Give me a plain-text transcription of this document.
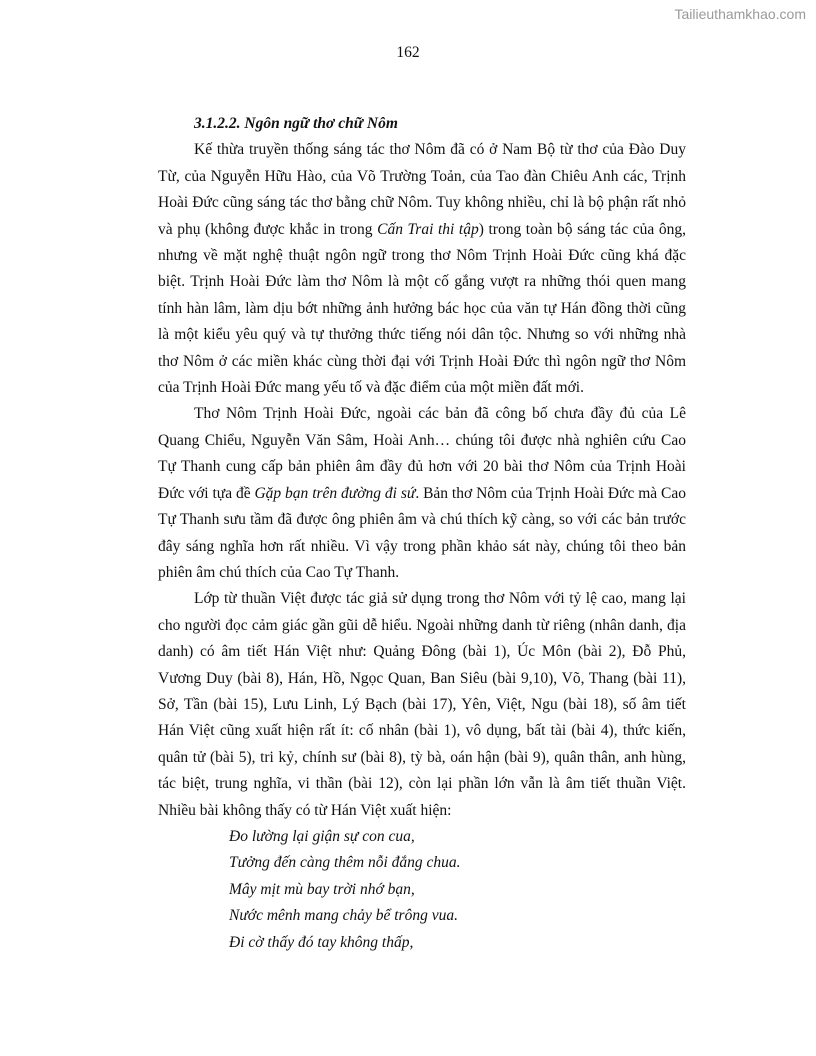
Tailieuthamkhao.com
162

3.1.2.2. Ngôn ngữ thơ chữ Nôm

Kế thừa truyền thống sáng tác thơ Nôm đã có ở Nam Bộ từ thơ của Đào Duy Từ, của Nguyễn Hữu Hào, của Võ Trường Toản, của Tao đàn Chiêu Anh các, Trịnh Hoài Đức cũng sáng tác thơ bằng chữ Nôm. Tuy không nhiều, chỉ là bộ phận rất nhỏ và phụ (không được khắc in trong Cấn Trai thi tập) trong toàn bộ sáng tác của ông, nhưng về mặt nghệ thuật ngôn ngữ trong thơ Nôm Trịnh Hoài Đức cũng khá đặc biệt. Trịnh Hoài Đức làm thơ Nôm là một cố gắng vượt ra những thói quen mang tính hàn lâm, làm dịu bớt những ảnh hưởng bác học của văn tự Hán đồng thời cũng là một kiểu yêu quý và tự thưởng thức tiếng nói dân tộc. Nhưng so với những nhà thơ Nôm ở các miền khác cùng thời đại với Trịnh Hoài Đức thì ngôn ngữ thơ Nôm của Trịnh Hoài Đức mang yếu tố và đặc điểm của một miền đất mới.

Thơ Nôm Trịnh Hoài Đức, ngoài các bản đã công bố chưa đầy đủ của Lê Quang Chiểu, Nguyễn Văn Sâm, Hoài Anh… chúng tôi được nhà nghiên cứu Cao Tự Thanh cung cấp bản phiên âm đầy đủ hơn với 20 bài thơ Nôm của Trịnh Hoài Đức với tựa đề Gặp bạn trên đường đi sứ. Bản thơ Nôm của Trịnh Hoài Đức mà Cao Tự Thanh sưu tầm đã được ông phiên âm và chú thích kỹ càng, so với các bản trước đây sáng nghĩa hơn rất nhiều. Vì vậy trong phần khảo sát này, chúng tôi theo bản phiên âm chú thích của Cao Tự Thanh.

Lớp từ thuần Việt được tác giả sử dụng trong thơ Nôm với tỷ lệ cao, mang lại cho người đọc cảm giác gần gũi dễ hiểu. Ngoài những danh từ riêng (nhân danh, địa danh) có âm tiết Hán Việt như: Quảng Đông (bài 1), Úc Môn (bài 2), Đỗ Phủ, Vương Duy (bài 8), Hán, Hồ, Ngọc Quan, Ban Siêu (bài 9,10), Võ, Thang (bài 11), Sở, Tần (bài 15), Lưu Linh, Lý Bạch (bài 17), Yên, Việt, Ngu (bài 18), số âm tiết Hán Việt cũng xuất hiện rất ít: cố nhân (bài 1), vô dụng, bất tài (bài 4), thức kiến, quân tử (bài 5), tri kỷ, chính sư (bài 8), tỳ bà, oán hận (bài 9), quân thân, anh hùng, tác biệt, trung nghĩa, vi thần (bài 12), còn lại phần lớn vẫn là âm tiết thuần Việt. Nhiều bài không thấy có từ Hán Việt xuất hiện:

Đo lường lại giận sự con cua,
Tưởng đến càng thêm nỗi đắng chua.
Mây mịt mù bay trời nhớ bạn,
Nước mênh mang chảy bể trông vua.
Đi cờ thấy đó tay không thấp,
